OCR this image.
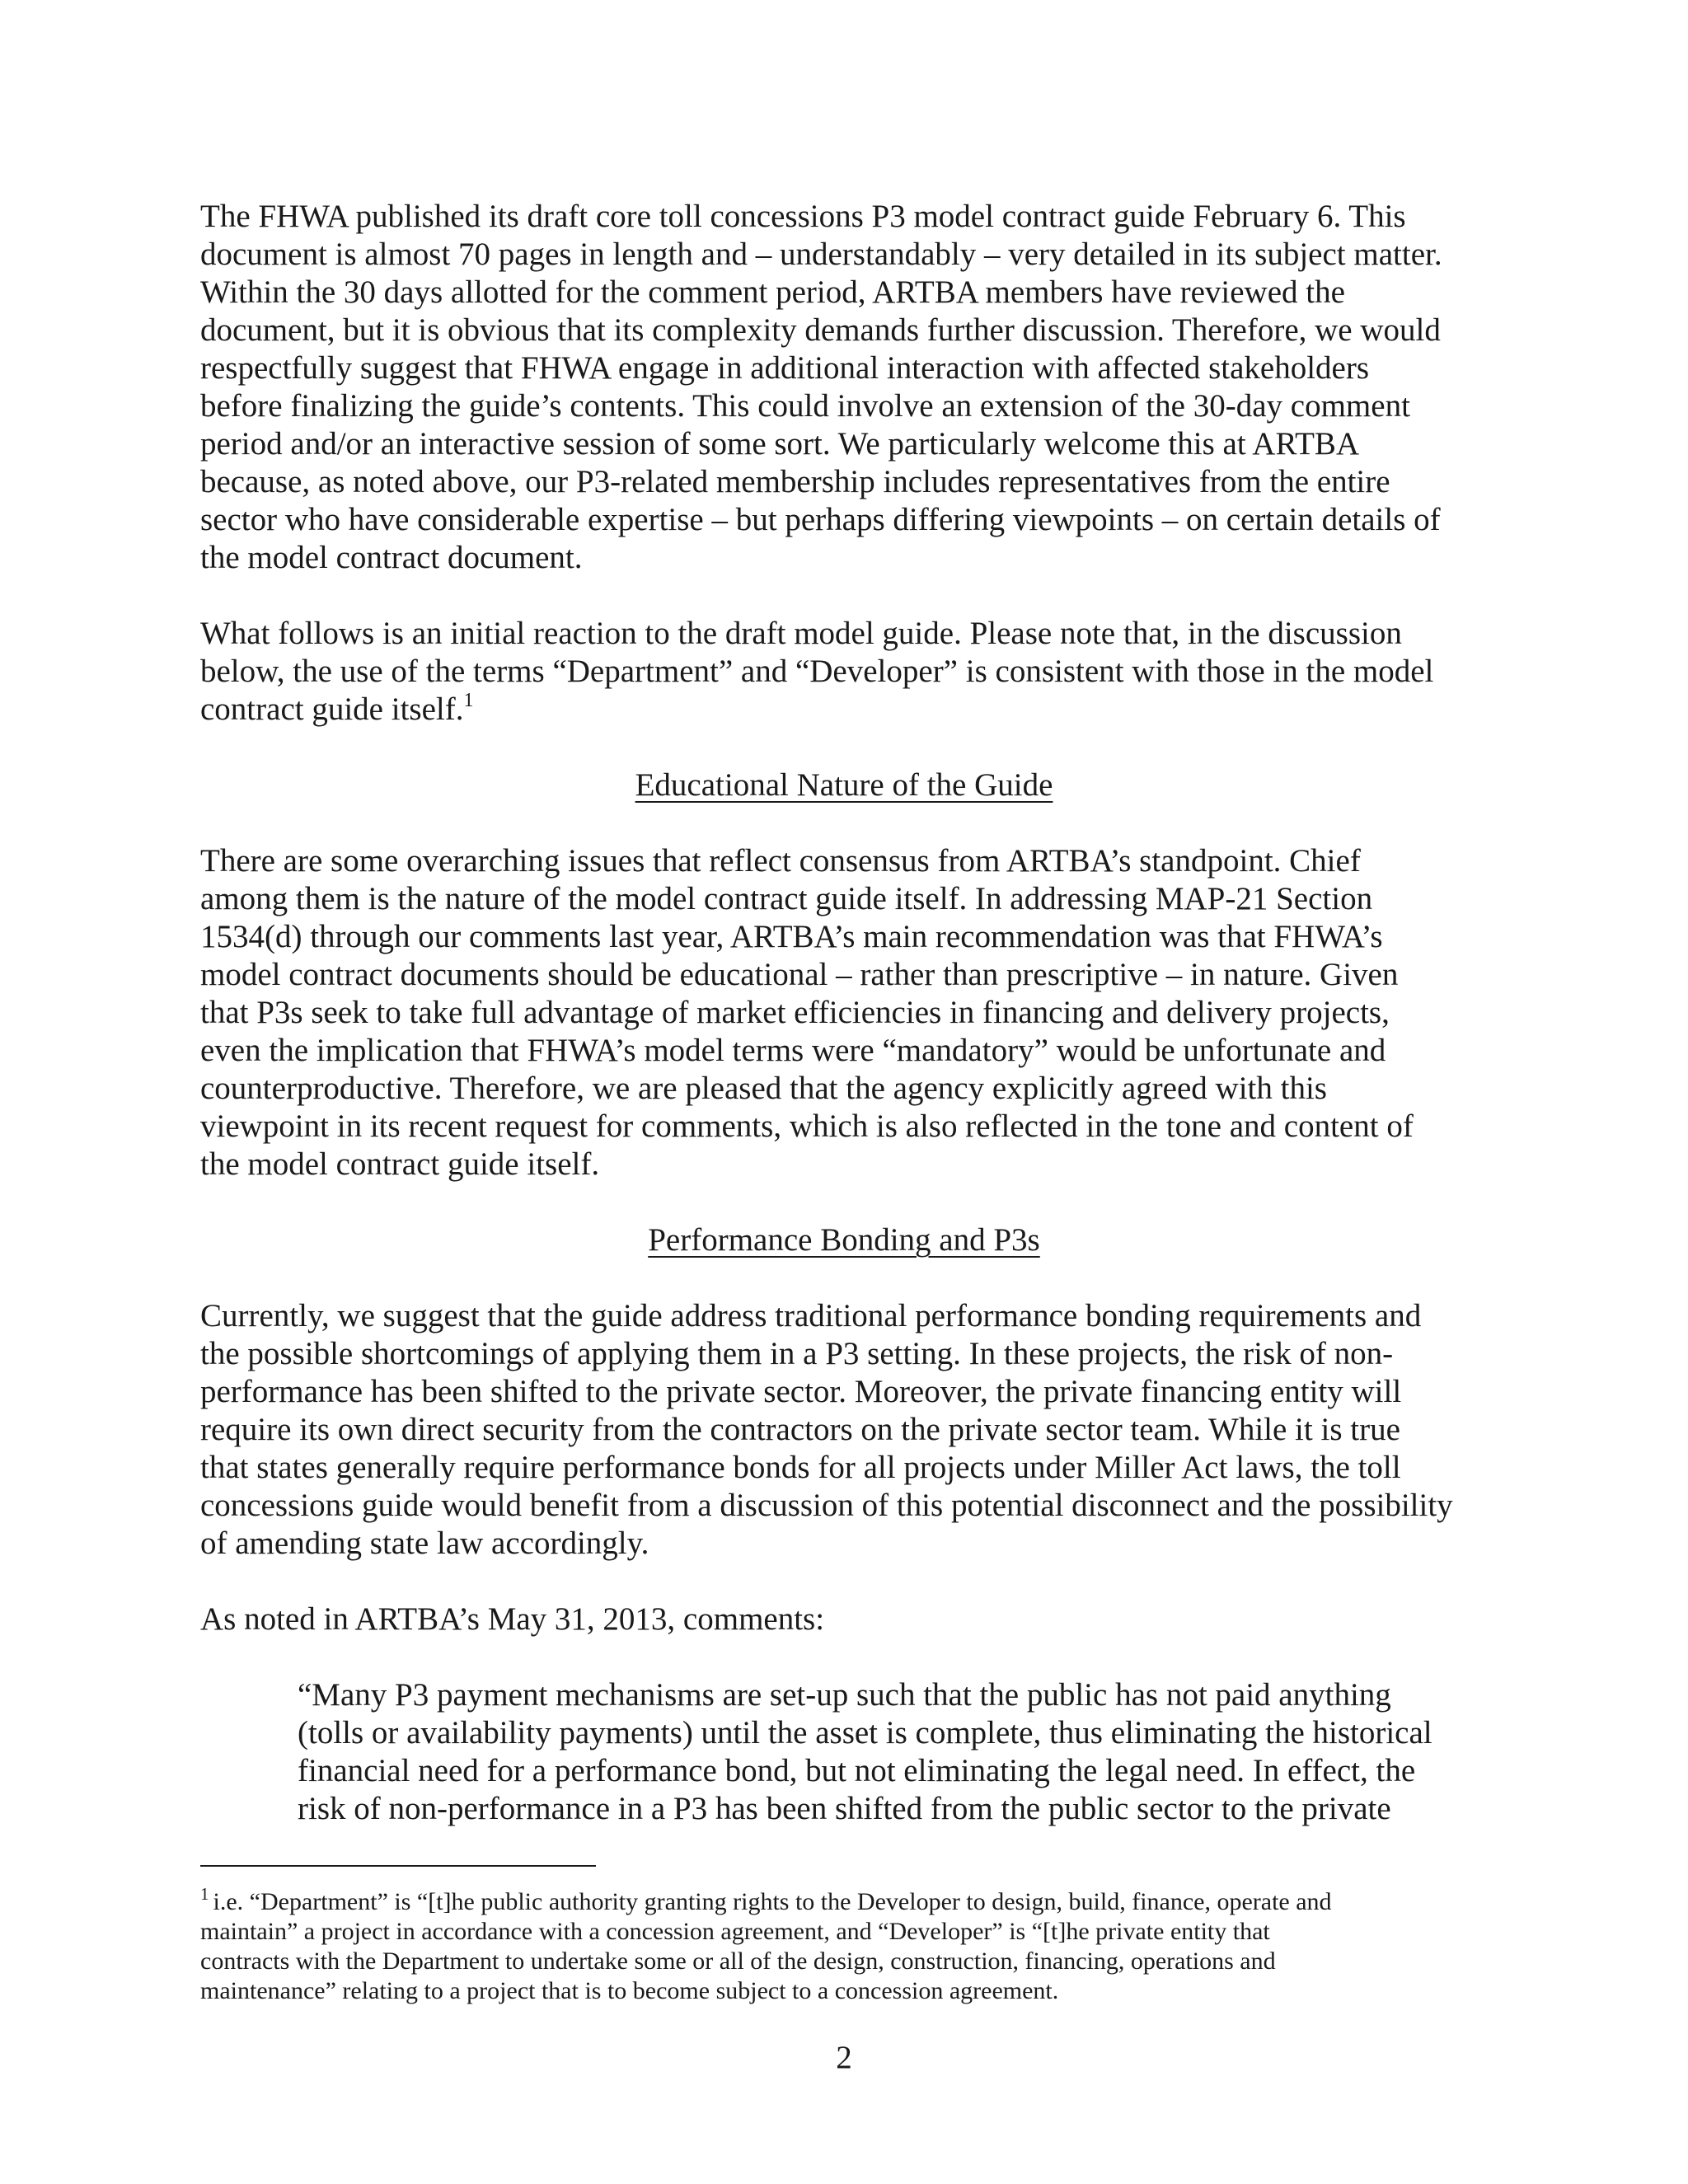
The FHWA published its draft core toll concessions P3 model contract guide February 6. This
document is almost 70 pages in length and – understandably – very detailed in its subject matter.
Within the 30 days allotted for the comment period, ARTBA members have reviewed the
document, but it is obvious that its complexity demands further discussion. Therefore, we would
respectfully suggest that FHWA engage in additional interaction with affected stakeholders
before finalizing the guide’s contents. This could involve an extension of the 30-day comment
period and/or an interactive session of some sort. We particularly welcome this at ARTBA
because, as noted above, our P3-related membership includes representatives from the entire
sector who have considerable expertise – but perhaps differing viewpoints – on certain details of
the model contract document.
What follows is an initial reaction to the draft model guide. Please note that, in the discussion
below, the use of the terms “Department” and “Developer” is consistent with those in the model
contract guide itself.$^1$
Educational Nature of the Guide
There are some overarching issues that reflect consensus from ARTBA’s standpoint. Chief
among them is the nature of the model contract guide itself. In addressing MAP-21 Section
1534(d) through our comments last year, ARTBA’s main recommendation was that FHWA’s
model contract documents should be educational – rather than prescriptive – in nature. Given
that P3s seek to take full advantage of market efficiencies in financing and delivery projects,
even the implication that FHWA’s model terms were “mandatory” would be unfortunate and
counterproductive. Therefore, we are pleased that the agency explicitly agreed with this
viewpoint in its recent request for comments, which is also reflected in the tone and content of
the model contract guide itself.
Performance Bonding and P3s
Currently, we suggest that the guide address traditional performance bonding requirements and
the possible shortcomings of applying them in a P3 setting. In these projects, the risk of non-
performance has been shifted to the private sector. Moreover, the private financing entity will
require its own direct security from the contractors on the private sector team. While it is true
that states generally require performance bonds for all projects under Miller Act laws, the toll
concessions guide would benefit from a discussion of this potential disconnect and the possibility
of amending state law accordingly.
As noted in ARTBA’s May 31, 2013, comments:
“Many P3 payment mechanisms are set-up such that the public has not paid anything
(tolls or availability payments) until the asset is complete, thus eliminating the historical
financial need for a performance bond, but not eliminating the legal need. In effect, the
risk of non-performance in a P3 has been shifted from the public sector to the private
$^1$ i.e. “Department” is “[t]he public authority granting rights to the Developer to design, build, finance, operate and
maintain” a project in accordance with a concession agreement, and “Developer” is “[t]he private entity that
contracts with the Department to undertake some or all of the design, construction, financing, operations and
maintenance” relating to a project that is to become subject to a concession agreement.
2
